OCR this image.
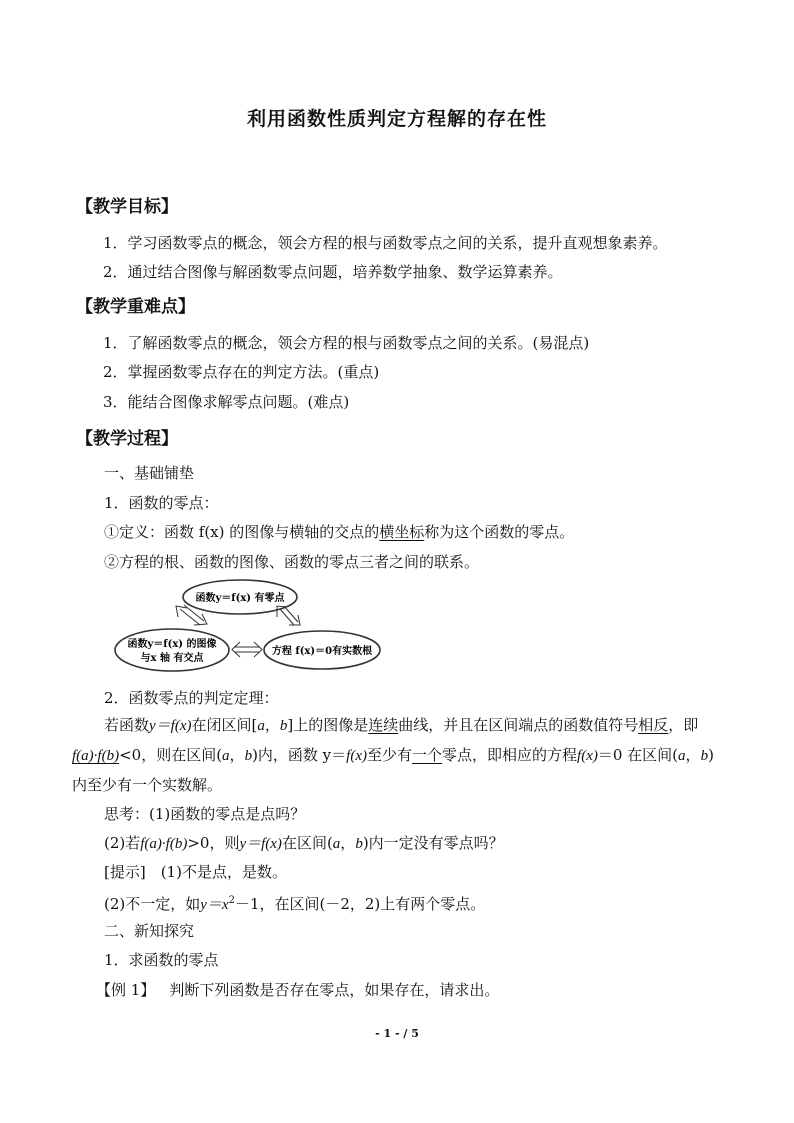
利用函数性质判定方程解的存在性
【教学目标】
1．学习函数零点的概念，领会方程的根与函数零点之间的关系，提升直观想象素养。
2．通过结合图像与解函数零点问题，培养数学抽象、数学运算素养。
【教学重难点】
1．了解函数零点的概念，领会方程的根与函数零点之间的关系。(易混点)
2．掌握函数零点存在的判定方法。(重点)
3．能结合图像求解零点问题。(难点)
【教学过程】
一、基础铺垫
1．函数的零点：
①定义：函数 f(x) 的图像与横轴的交点的横坐标称为这个函数的零点。
②方程的根、函数的图像、函数的零点三者之间的联系。
函数y＝f(x) 有零点
函数y＝f(x) 的图像
与x 轴 有交点
方程 f(x)＝0有实数根
2．函数零点的判定定理：
若函数y＝f(x)在闭区间[a，b]上的图像是连续曲线，并且在区间端点的函数值符号相反，即f(a)·f(b)<0，则在区间(a，b)内，函数 y＝f(x)至少有一个零点，即相应的方程f(x)＝0 在区间(a，b)内至少有一个实数解。
思考：(1)函数的零点是点吗？
(2)若f(a)·f(b)>0，则y＝f(x)在区间(a，b)内一定没有零点吗？
[提示]　(1)不是点，是数。
(2)不一定，如$y=x^2-1$，在区间(－2，2)上有两个零点。
二、新知探究
1．求函数的零点
【例 1】 判断下列函数是否存在零点，如果存在，请求出。
- 1 - / 5
